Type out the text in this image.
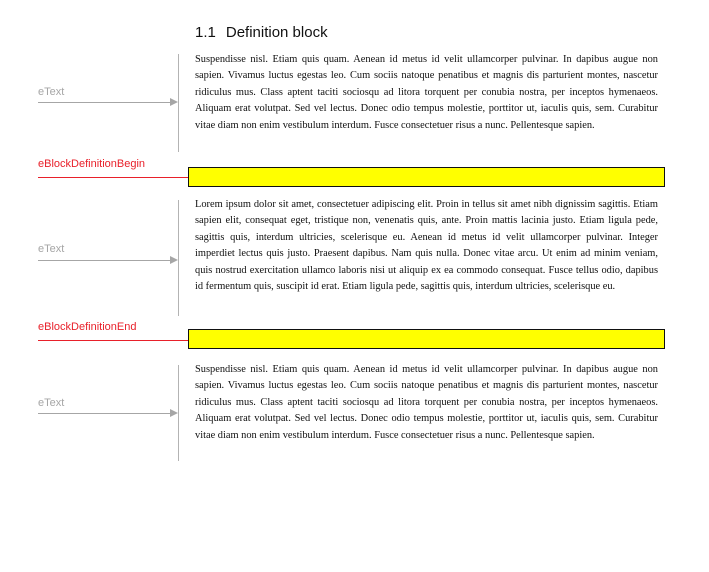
1.1 Definition block
eText

Suspendisse nisl. Etiam quis quam. Aenean id metus id velit ullamcorper pulvinar. In dapibus augue non sapien. Vivamus luctus egestas leo. Cum sociis natoque penatibus et magnis dis parturient montes, nascetur ridiculus mus. Class aptent taciti sociosqu ad litora torquent per conubia nostra, per inceptos hymenaeos. Aliquam erat volutpat. Sed vel lectus. Donec odio tempus molestie, porttitor ut, iaculis quis, sem. Curabitur vitae diam non enim vestibulum interdum. Fusce consectetuer risus a nunc. Pellentesque sapien.

eBlockDefinitionBegin
eText

Lorem ipsum dolor sit amet, consectetuer adipiscing elit. Proin in tellus sit amet nibh dignissim sagittis. Etiam sapien elit, consequat eget, tristique non, venenatis quis, ante. Proin mattis lacinia justo. Etiam ligula pede, sagittis quis, interdum ultricies, scelerisque eu. Aenean id metus id velit ullamcorper pulvinar. Integer imperdiet lectus quis justo. Praesent dapibus. Nam quis nulla. Donec vitae arcu. Ut enim ad minim veniam, quis nostrud exercitation ullamco laboris nisi ut aliquip ex ea commodo consequat. Fusce tellus odio, dapibus id fermentum quis, suscipit id erat. Etiam ligula pede, sagittis quis, interdum ultricies, scelerisque eu.

eBlockDefinitionEnd
eText

Suspendisse nisl. Etiam quis quam. Aenean id metus id velit ullamcorper pulvinar. In dapibus augue non sapien. Vivamus luctus egestas leo. Cum sociis natoque penatibus et magnis dis parturient montes, nascetur ridiculus mus. Class aptent taciti sociosqu ad litora torquent per conubia nostra, per inceptos hymenaeos. Aliquam erat volutpat. Sed vel lectus. Donec odio tempus molestie, porttitor ut, iaculis quis, sem. Curabitur vitae diam non enim vestibulum interdum. Fusce consectetuer risus a nunc. Pellentesque sapien.
